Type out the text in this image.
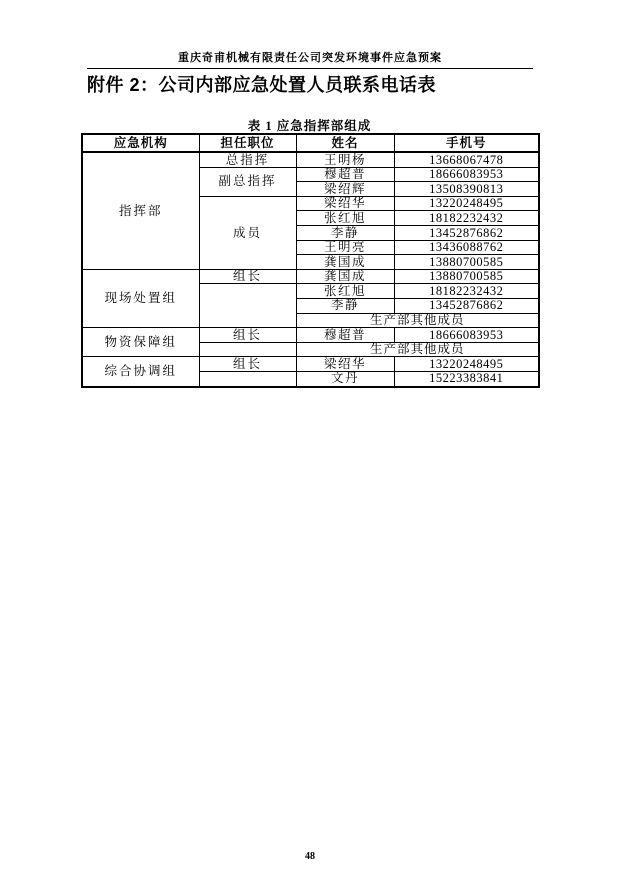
重庆奇甫机械有限责任公司突发环境事件应急预案
附件 2：公司内部应急处置人员联系电话表
表 1 应急指挥部组成
应急机构	担任职位	姓名	手机号
指挥部	总指挥	王明杨	13668067478
	副总指挥	穆超普	18666083953
		梁绍辉	13508390813
	成员	梁绍华	13220248495
		张红旭	18182232432
		李静	13452876862
		王明亮	13436088762
		龚国成	13880700585
现场处置组	组长	龚国成	13880700585
		张红旭	18182232432
		李静	13452876862
		生产部其他成员	
物资保障组	组长	穆超普	18666083953
		生产部其他成员	
综合协调组	组长	梁绍华	13220248495
		文丹	15223383841
48
